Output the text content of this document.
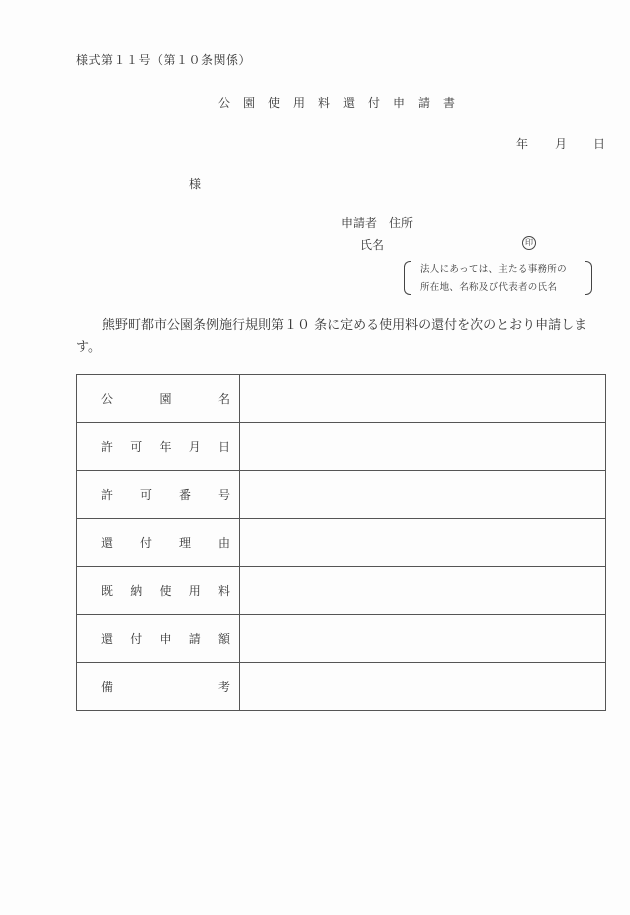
様式第１１号（第１０条関係）
公 園 使 用 料 還 付 申 請 書
年 月 日
様
申請者　住所
氏名	印
法人にあっては、主たる事務所の
所在地、名称及び代表者の氏名
熊野町都市公園条例施行規則第１０ 条に定める使用料の還付を次のとおり申請します。
公 園 名	

許 可 年 月 日	

許 可 番 号	

還 付 理 由	

既 納 使 用 料	

還 付 申 請 額	

備 考	
